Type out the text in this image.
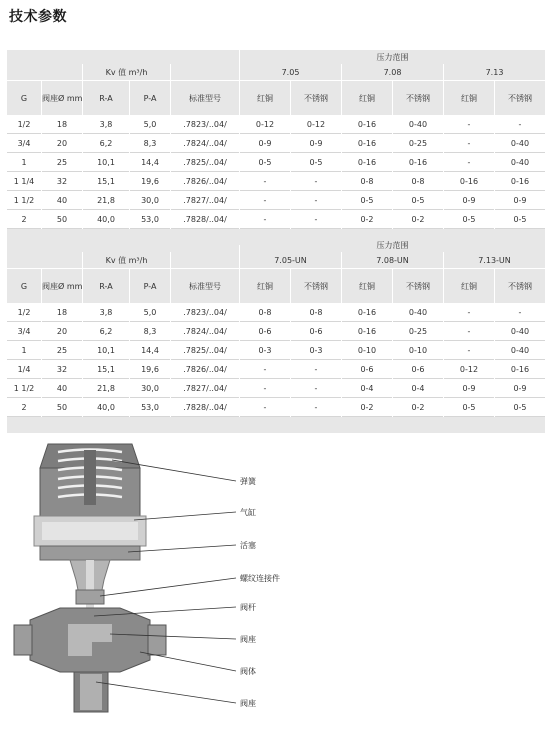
技术参数
					压力范围					
		Kv 值 m³/h			7.05		7.08		7.13	
G	阀座Ø mm	R-A	P-A	标准型号	红铜	不锈钢	红铜	不锈钢	红铜	不锈钢
1/2	18	3,8	5,0	.7823/..04/	0-12	0-12	0-16	0-40	-	-
3/4	20	6,2	8,3	.7824/..04/	0-9	0-9	0-16	0-25	-	0-40
1	25	10,1	14,4	.7825/..04/	0-5	0-5	0-16	0-16	-	0-40
1 1/4	32	15,1	19,6	.7826/..04/	-	-	0-8	0-8	0-16	0-16
1 1/2	40	21,8	30,0	.7827/..04/	-	-	0-5	0-5	0-9	0-9
2	50	40,0	53,0	.7828/..04/	-	-	0-2	0-2	0-5	0-5

					压力范围					
		Kv 值 m³/h			7.05-UN		7.08-UN		7.13-UN	
G	阀座Ø mm	R-A	P-A	标准型号	红铜	不锈钢	红铜	不锈钢	红铜	不锈钢
1/2	18	3,8	5,0	.7823/..04/	0-8	0-8	0-16	0-40	-	-
3/4	20	6,2	8,3	.7824/..04/	0-6	0-6	0-16	0-25	-	0-40
1	25	10,1	14,4	.7825/..04/	0-3	0-3	0-10	0-10	-	0-40
1/4	32	15,1	19,6	.7826/..04/	-	-	0-6	0-6	0-12	0-16
1 1/2	40	21,8	30,0	.7827/..04/	-	-	0-4	0-4	0-9	0-9
2	50	40,0	53,0	.7828/..04/	-	-	0-2	0-2	0-5	0-5

弹簧
气缸
活塞
螺纹连接件
阀杆
阀座
阀体
阀座
